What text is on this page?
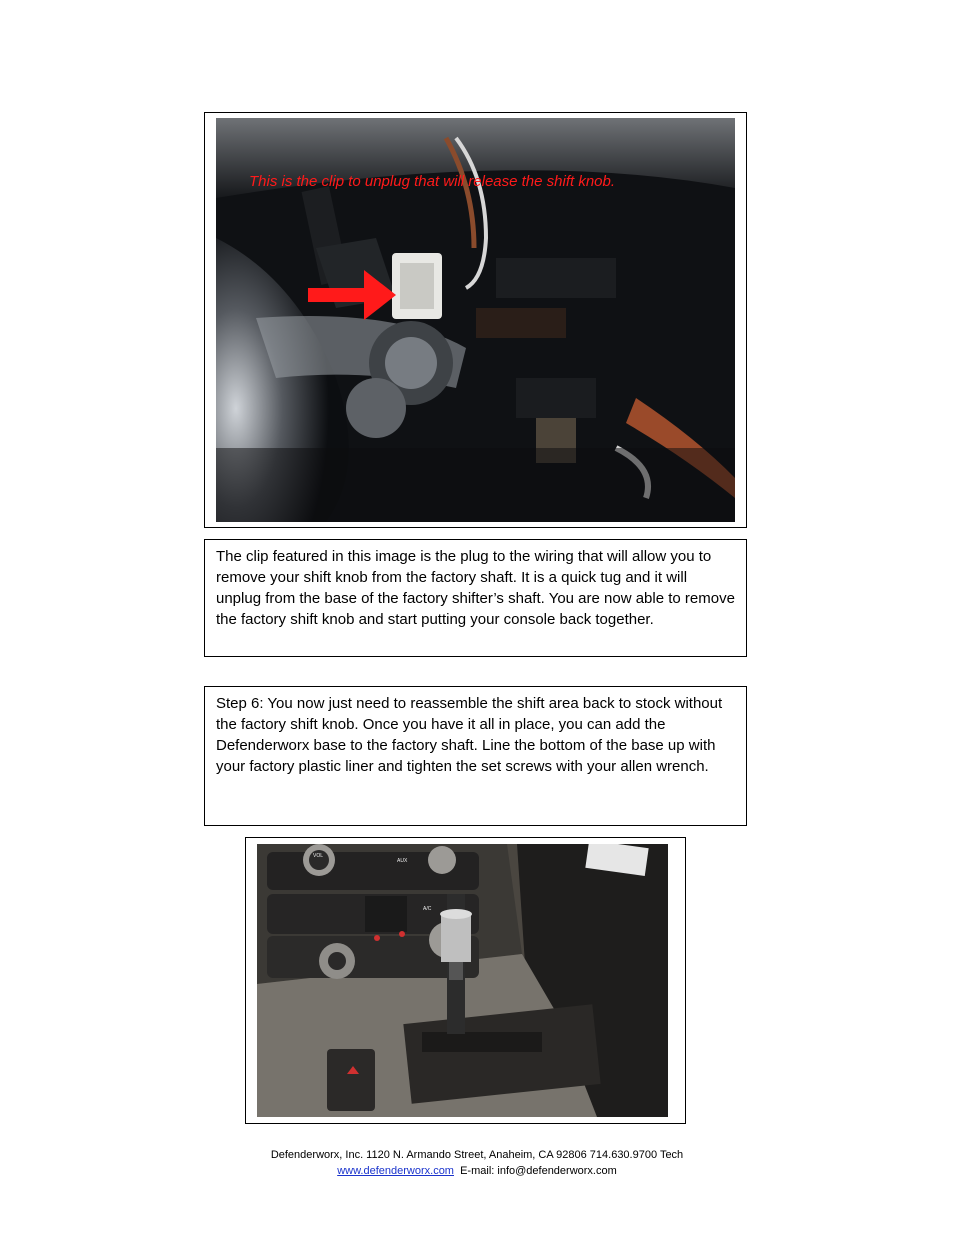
This is the clip to unplug that will release the shift knob.

The clip featured in this image is the plug to the wiring that will allow you to remove your shift knob from the factory shaft. It is a quick tug and it will unplug from the base of the factory shifter’s shaft. You are now able to remove the factory shift knob and start putting your console back together.

Step 6: You now just need to reassemble the shift area back to stock without the factory shift knob. Once you have it all in place, you can add the Defenderworx base to the factory shaft. Line the bottom of the base up with your factory plastic liner and tighten the set screws with your allen wrench.

VOL
AUX
A/C
Defenderworx, Inc. 1120 N. Armando Street, Anaheim, CA 92806 714.630.9700 Tech
www.defenderworx.com  E-mail: info@defenderworx.com
